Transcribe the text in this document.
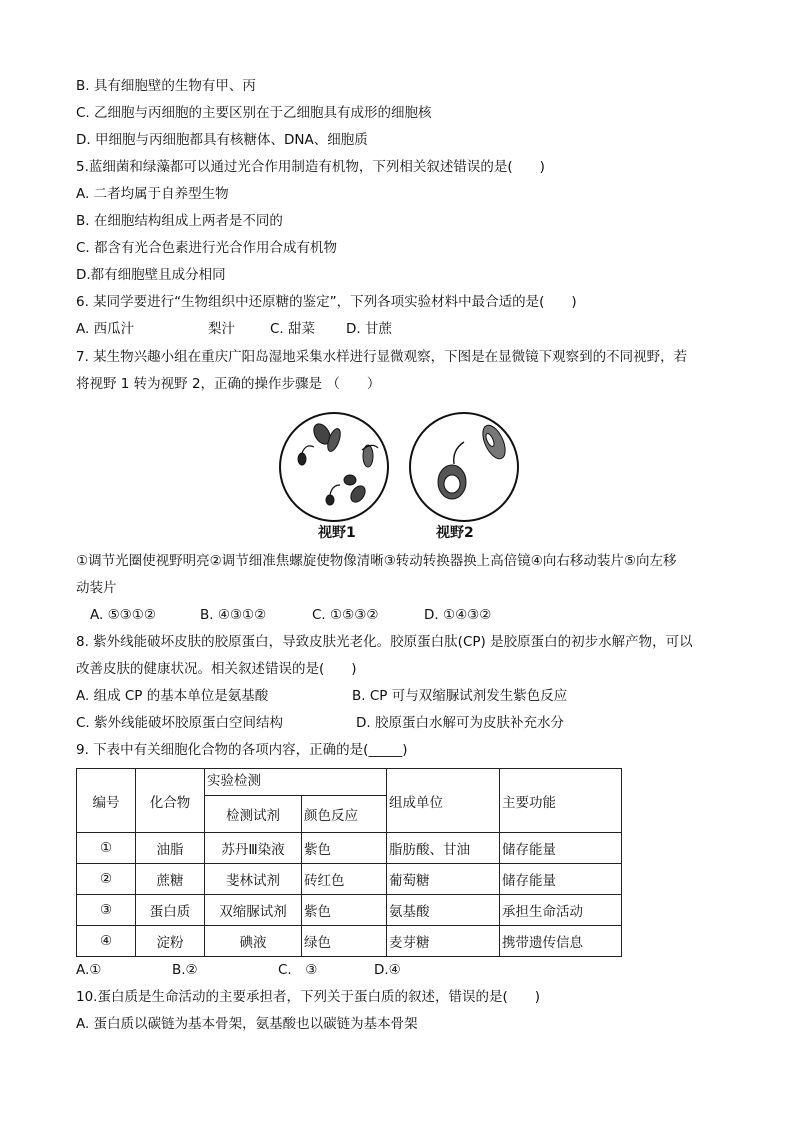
B. 具有细胞壁的生物有甲、丙
C. 乙细胞与丙细胞的主要区别在于乙细胞具有成形的细胞核
D. 甲细胞与丙细胞都具有核糖体、DNA、细胞质
5.蓝细菌和绿藻都可以通过光合作用制造有机物，下列相关叙述错误的是(　　)
A. 二者均属于自养型生物
B. 在细胞结构组成上两者是不同的
C. 都含有光合色素进行光合作用合成有机物
D.都有细胞壁且成分相同
6. 某同学要进行“生物组织中还原糖的鉴定”，下列各项实验材料中最合适的是(　　)
A. 西瓜汁	梨汁	C. 甜菜 D. 甘蔗
7. 某生物兴趣小组在重庆广阳岛湿地采集水样进行显微观察，下图是在显微镜下观察到的不同视野，若
将视野 1 转为视野 2，正确的操作步骤是 （　　）
视野1	视野2
①调节光圈使视野明亮②调节细准焦螺旋使物像清晰③转动转换器换上高倍镜④向右移动装片⑤向左移
动装片
A. ⑤③①②	B. ④③①②	C. ①⑤③②	D. ①④③②
8. 紫外线能破坏皮肤的胶原蛋白，导致皮肤光老化。胶原蛋白肽(CP) 是胶原蛋白的初步水解产物，可以
改善皮肤的健康状况。相关叙述错误的是(　　)
A. 组成 CP 的基本单位是氨基酸	B. CP 可与双缩脲试剂发生紫色反应
C. 紫外线能破坏胶原蛋白空间结构	D. 胶原蛋白水解可为皮肤补充水分
9. 下表中有关细胞化合物的各项内容，正确的是(_____)
编号	化合物	实验检测		组成单位	主要功能
		检测试剂	颜色反应		
①	油脂	苏丹Ⅲ染液	紫色	脂肪酸、甘油	储存能量
②	蔗糖	斐林试剂	砖红色	葡萄糖	储存能量
③	蛋白质	双缩脲试剂	紫色	氨基酸	承担生命活动
④	淀粉	碘液	绿色	麦芽糖	携带遗传信息
A.①	B.②	C.　③	D.④
10.蛋白质是生命活动的主要承担者，下列关于蛋白质的叙述，错误的是(　　)
A. 蛋白质以碳链为基本骨架，氨基酸也以碳链为基本骨架
